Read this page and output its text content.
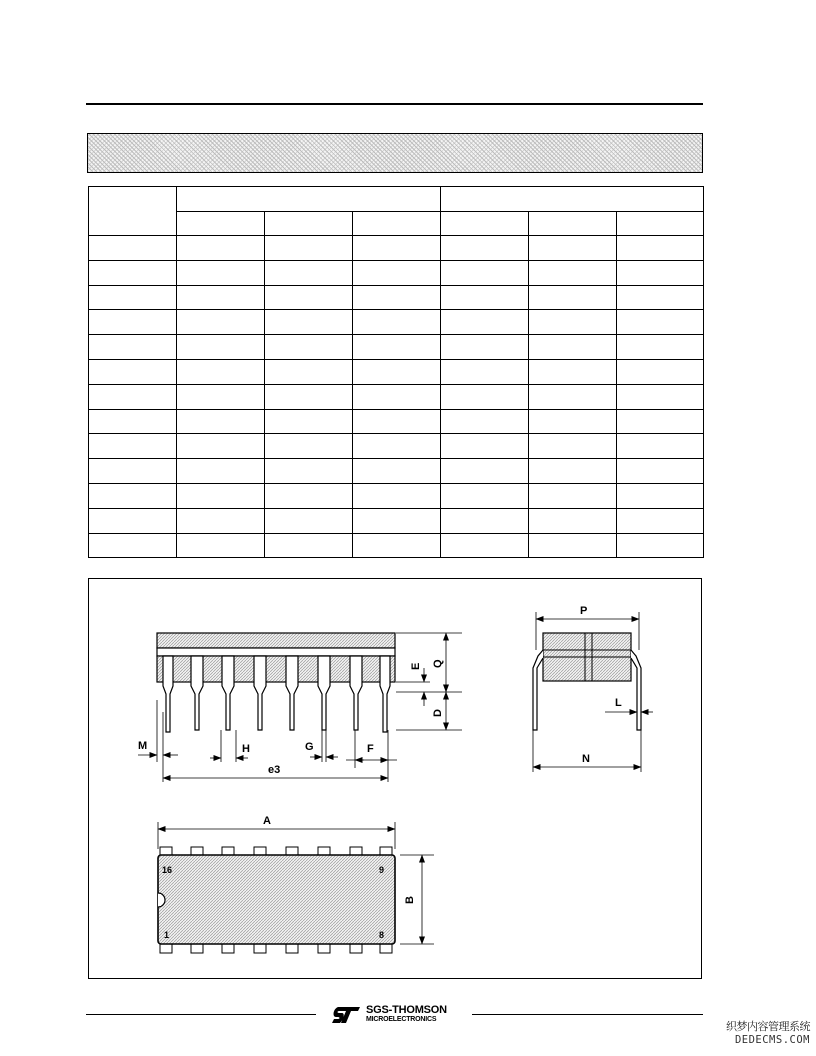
M	H	G	F
e3
D
Q
E
P
L
N
A
B
16	9
1	8
SGS-THOMSON
MICROELECTRONICS
织梦内容管理系统
DEDECMS.COM
